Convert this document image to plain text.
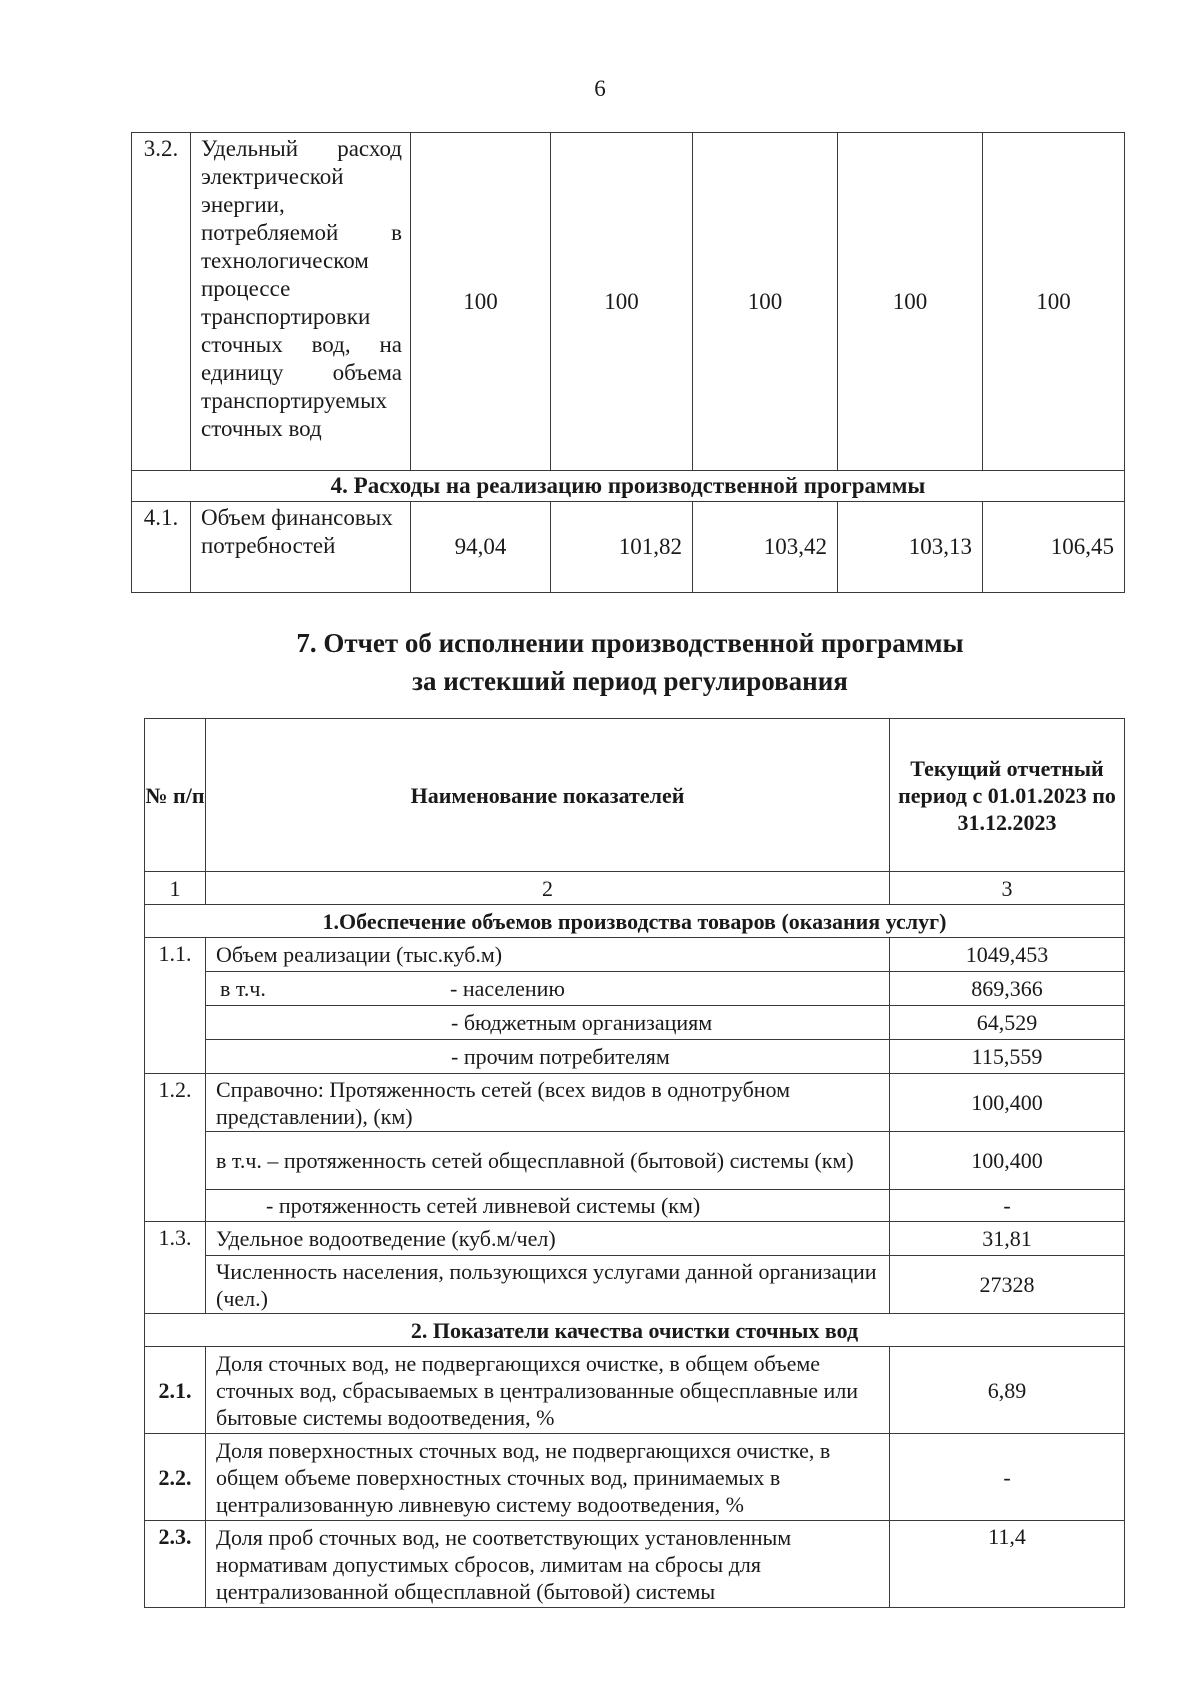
6
3.2.	Удельный расход электрической энергии, потребляемой в технологическом процессе транспортировки сточных вод, на единицу объема транспортируемых сточных вод	100	100	100	100	100
4. Расходы на реализацию производственной программы						
4.1.	Объем финансовых потребностей	94,04	101,82	103,42	103,13	106,45
7. Отчет об исполнении производственной программы
за истекший период регулирования
№ п/п	Наименование показателей	Текущий отчетный период с 01.01.2023 по 31.12.2023
1	2	3
1.Обеспечение объемов производства товаров (оказания услуг)		
1.1.	Объем реализации (тыс.куб.м)	1049,453
	в т.ч. - населению	869,366
	- бюджетным организациям	64,529
	- прочим потребителям	115,559
1.2.	Справочно: Протяженность сетей (всех видов в однотрубном представлении), (км)	100,400
	в т.ч. – протяженность сетей общесплавной (бытовой) системы (км)	100,400
	- протяженность сетей ливневой системы (км)	-
1.3.	Удельное водоотведение (куб.м/чел)	31,81
	Численность населения, пользующихся услугами данной организации (чел.)	27328
2. Показатели качества очистки сточных вод		
2.1.	Доля сточных вод, не подвергающихся очистке, в общем объеме сточных вод, сбрасываемых в централизованные общесплавные или бытовые системы водоотведения, %	6,89
2.2.	Доля поверхностных сточных вод, не подвергающихся очистке, в общем объеме поверхностных сточных вод, принимаемых в централизованную ливневую систему водоотведения, %	-
2.3.	Доля проб сточных вод, не соответствующих установленным нормативам допустимых сбросов, лимитам на сбросы для централизованной общесплавной (бытовой) системы	11,4
